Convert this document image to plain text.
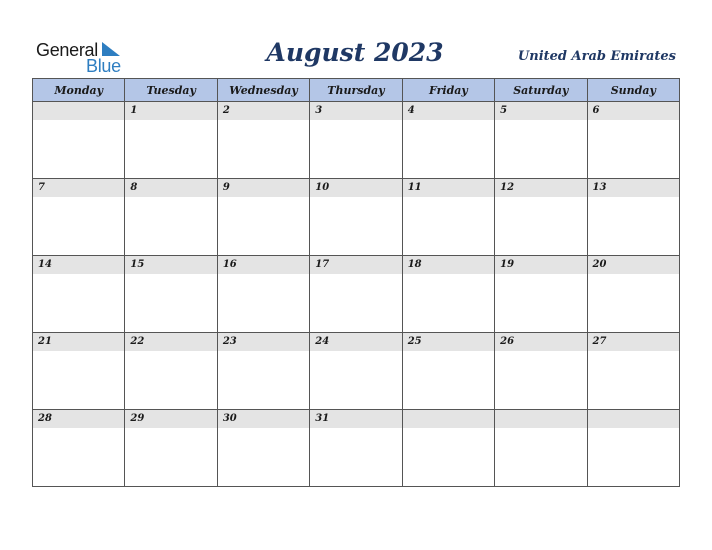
General
Blue	August 2023	United Arab Emirates
Monday	Tuesday	Wednesday	Thursday	Friday	Saturday	Sunday

	1	2	3	4	5	6

7	8	9	10	11	12	13

14	15	16	17	18	19	20

21	22	23	24	25	26	27

28	29	30	31			
